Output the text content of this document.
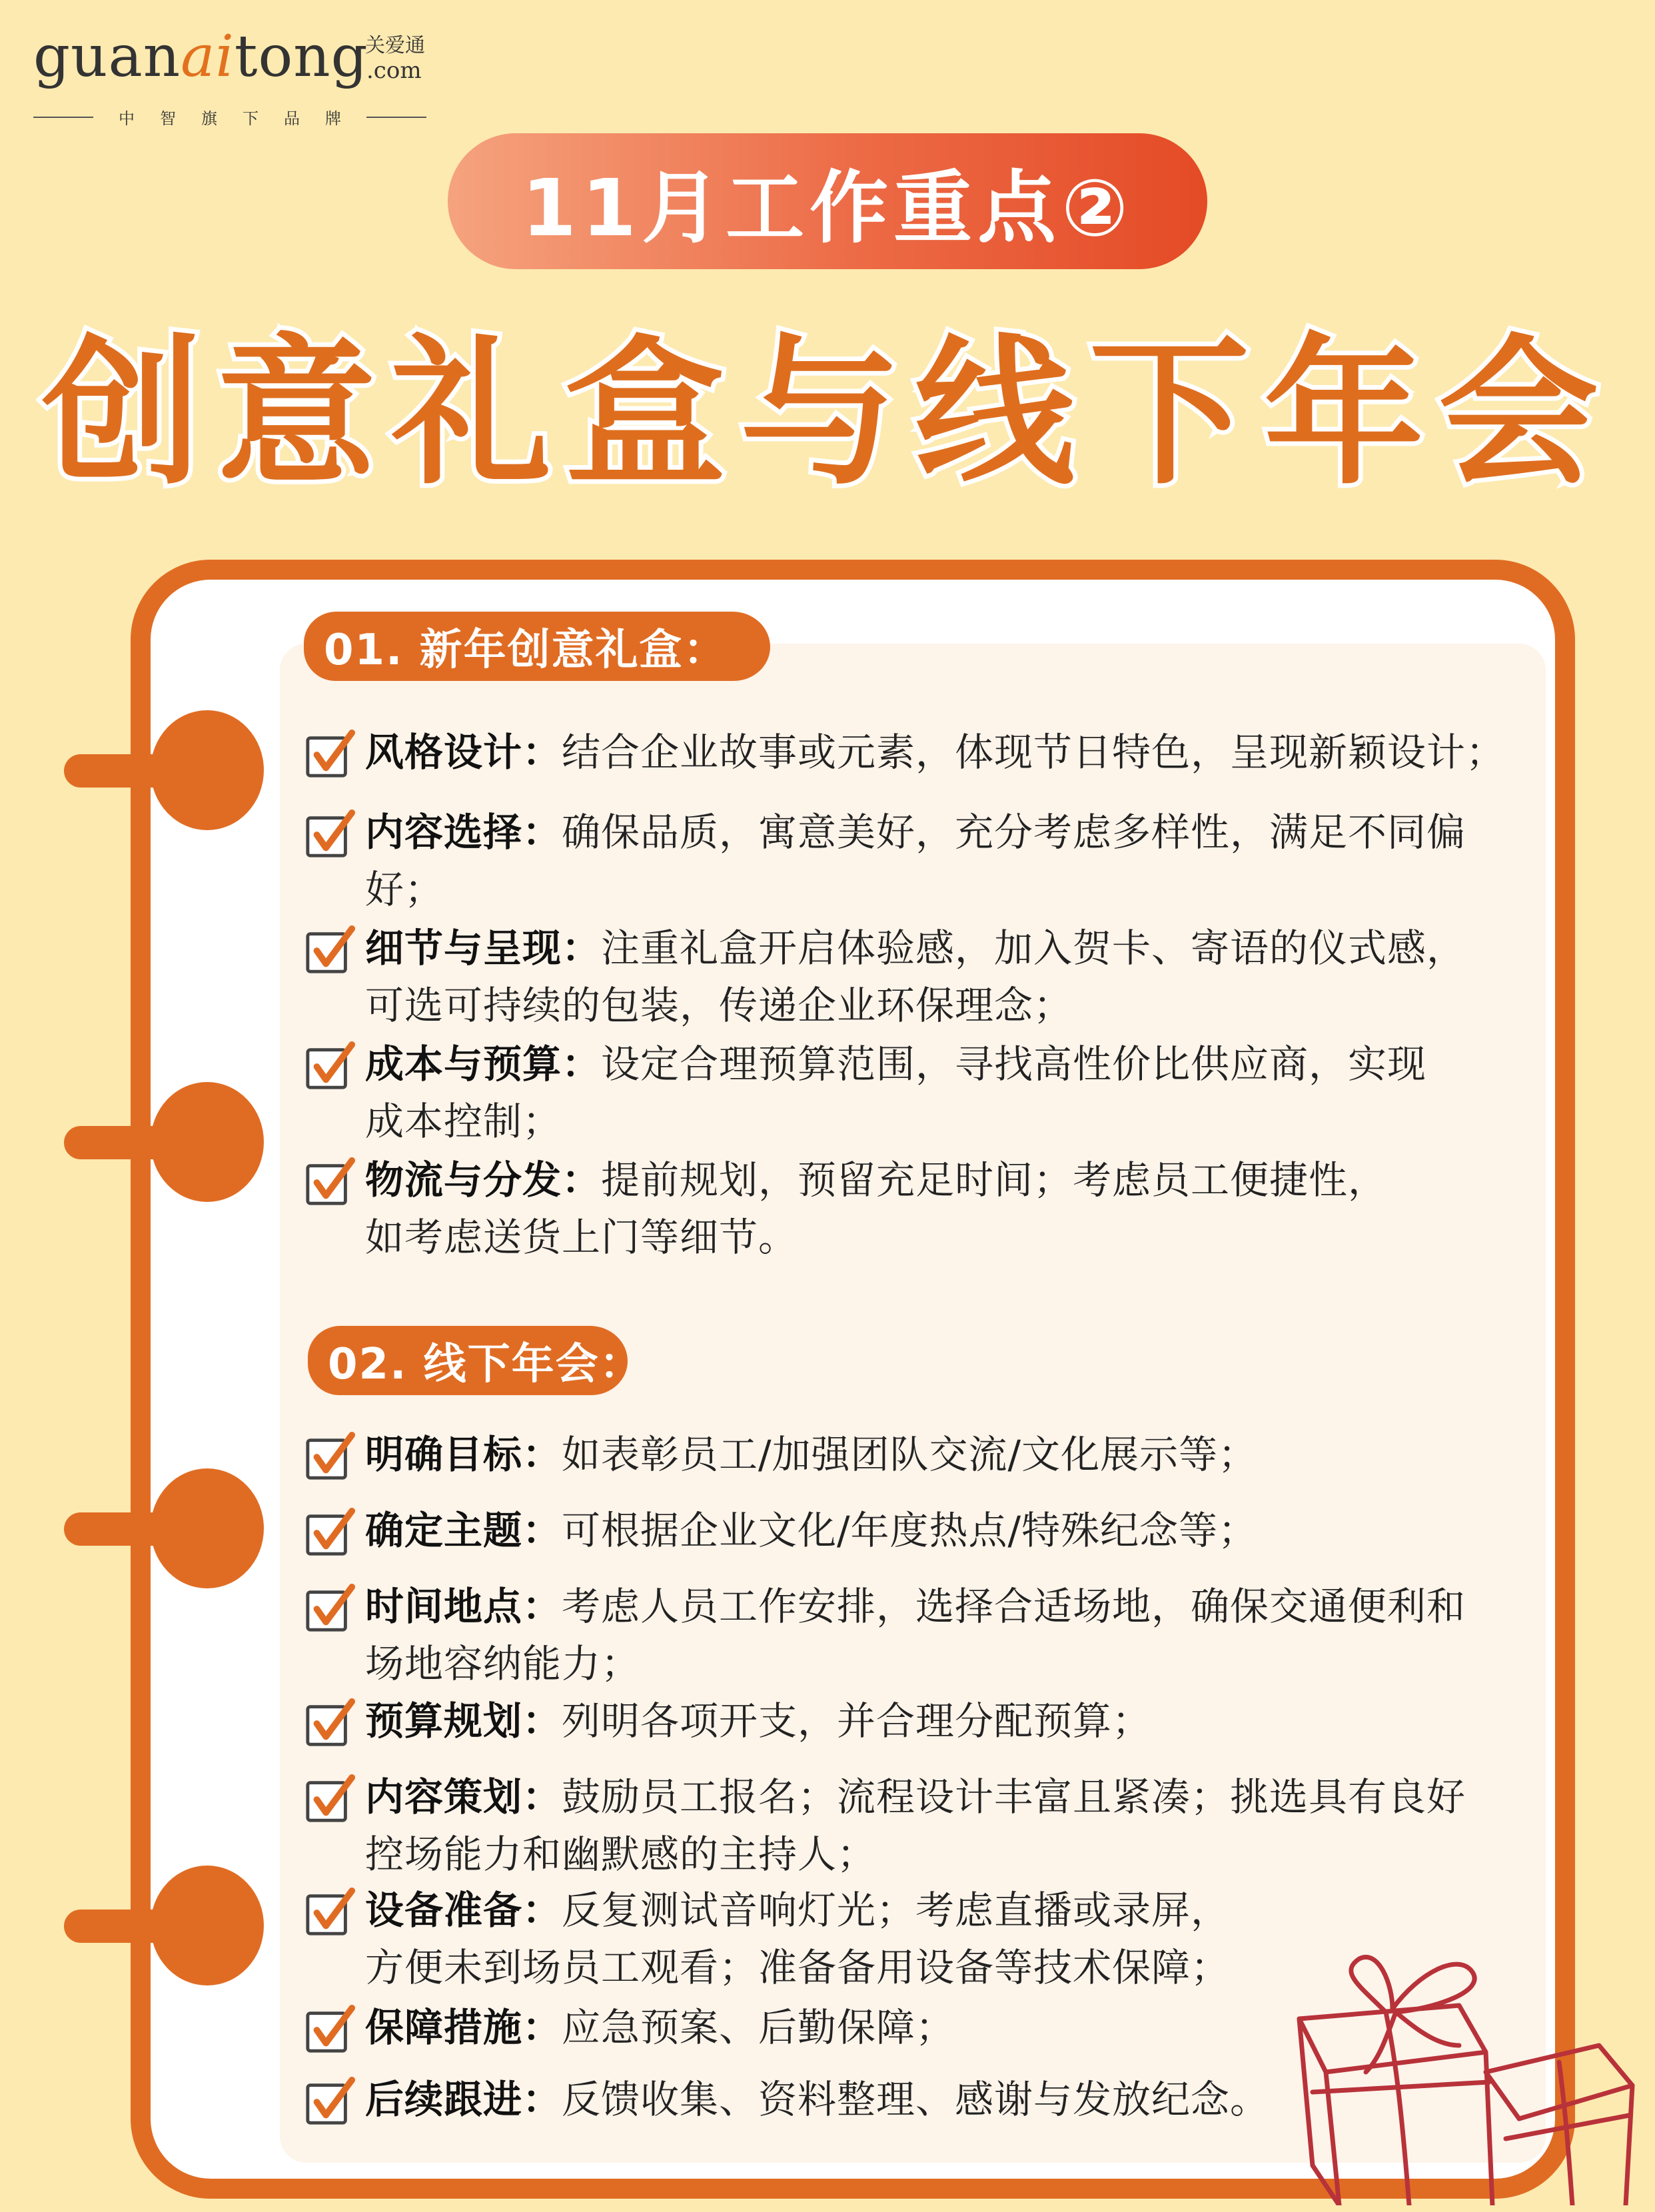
guanaitong
关爱通
.com
中智旗下品牌
11月工作重点②
创意礼盒与线下年会
01. 新年创意礼盒：
风格设计：结合企业故事或元素，体现节日特色，呈现新颖设计；
内容选择：确保品质，寓意美好，充分考虑多样性，满足不同偏
好；
细节与呈现：注重礼盒开启体验感，加入贺卡、寄语的仪式感，
可选可持续的包装，传递企业环保理念；
成本与预算：设定合理预算范围，寻找高性价比供应商，实现
成本控制；
物流与分发：提前规划，预留充足时间；考虑员工便捷性，
如考虑送货上门等细节。
明确目标：如表彰员工/加强团队交流/文化展示等；
确定主题：可根据企业文化/年度热点/特殊纪念等；
时间地点：考虑人员工作安排，选择合适场地，确保交通便利和
场地容纳能力；
预算规划：列明各项开支，并合理分配预算；
内容策划：鼓励员工报名；流程设计丰富且紧凑；挑选具有良好
控场能力和幽默感的主持人；
设备准备：反复测试音响灯光；考虑直播或录屏，
方便未到场员工观看；准备备用设备等技术保障；
保障措施：应急预案、后勤保障；
后续跟进：反馈收集、资料整理、感谢与发放纪念。
02. 线下年会：
